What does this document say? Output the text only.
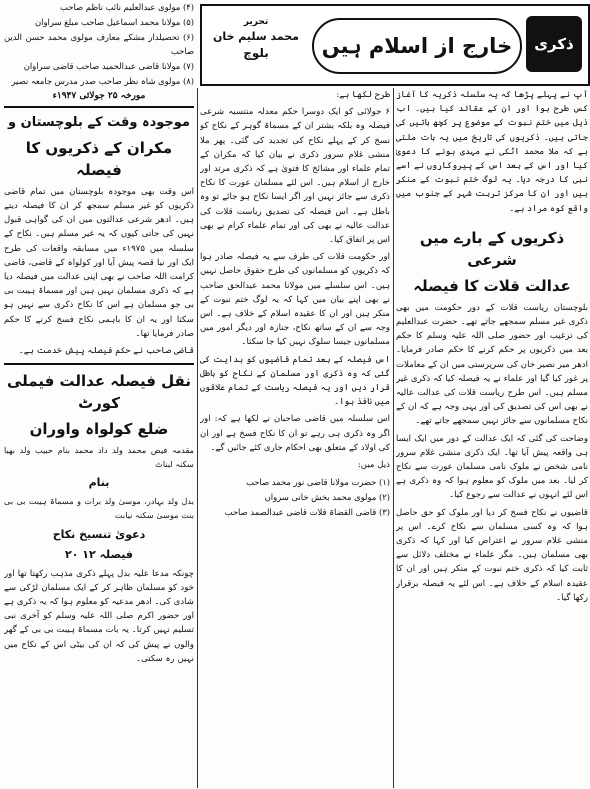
ذکری
خارج از اسلام ہیں
تحریر
محمد سلیم خان
بلوچ
(۴) مولوی عبدالعلیم نائب ناظم صاحب
(۵) مولانا محمد اسماعیل صاحب مبلغ سراوان
(۶) تحصیلدار مشکے معارف مولوی محمد حسن الدین صاحب
(۷) مولانا قاضی عبدالحمید صاحب قاضی سراوان
(۸) مولوی شاہ نظر صاحب صدر مدرس جامعہ نصیر
مورخہ ۲۵ جولائی ۱۹۴۷ء
موجودہ وقت کے بلوچستان و
مکران کے ذکریوں کا فیصلہ

اس وقت بھی موجودہ بلوچستان میں تمام قاضی ذکریوں کو غیر مسلم سمجھ کر ان کا فیصلہ دیتے ہیں۔ ادھر شرعی عدالتوں میں ان کی گواہی قبول نہیں کی جاتی کیوں کہ یہ غیر مسلم ہیں۔ نکاح کے سلسلہ میں ۱۹۷۵ء میں مسابقہ واقعات کی طرح ایک اور نیا قصہ پیش آیا اور کولواہ کے قاضی، قاضی کرامت اللہ صاحب نے بھی اپنی عدالت میں فیصلہ دیا ہے کہ ذکری مسلمان نہیں ہیں اور مسماۃ ہیبت بی بی جو مسلمان ہے اس کا نکاح ذکری سے نہیں ہو سکتا اور یہ ان کا باہمی نکاح فسخ کرنے کا حکم صادر فرمایا تھا۔

قاضی صاحب نے حکم فیصلہ پیش خدمت ہے۔

نقل فیصلہ عدالت فیملی کورٹ
ضلع کولواہ واوران

مقدمہ فیض محمد ولد داد محمد بنام حبیب ولد بھیا سکنہ لبناٹ

بنام

بدل ولد بہادر، موسیٰ ولد برات و مسماۃ ہیبت بی بی بنت موسیٰ سکنہ نیابت

دعویٰ تنسیخ نکاح
فیصلہ ۱۲ ۲۰

چونکہ مدعا علیہ بدل پہلے ذکری مذہب رکھتا تھا اور خود کو مسلمان ظاہر کر کے ایک مسلمان لڑکی سے شادی کی۔ ادھر مدعیہ کو معلوم ہوا کہ یہ ذکری ہے اور حضور اکرم صلی اللہ علیہ وسلم کو آخری نبی تسلیم نہیں کرتا۔ یہ بات مسماۃ ہیبت بی بی کے گھر والوں نے پیش کی کہ ان کی بیٹی اس کے نکاح میں نہیں رہ سکتی۔

طرح لکھا ہے:

۶ جولائی کو ایک دوسرا حکم معدلہ منتسبہ شرعی فیصلہ وہ بلکہ بشتر ان کے مسماۃ گوہر کے نکاح کو نسخ کر کے پہلے نکاح کی تجدید کی گئی۔ پھر ملا منشی غلام سرور ذکری نے بیان کیا کہ مکران کے تمام علماء اور مشائخ کا فتویٰ ہے کہ ذکری مرتد اور خارج از اسلام ہیں۔ اس لئے مسلمان عورت کا نکاح ذکری سے جائز نہیں اور اگر ایسا نکاح ہو جائے تو وہ باطل ہے۔ اس فیصلہ کی تصدیق ریاست قلات کی عدالت عالیہ نے بھی کی اور تمام علماء کرام نے بھی اس پر اتفاق کیا۔

اور حکومت قلات کی طرف سے یہ فیصلہ صادر ہوا کہ ذکریوں کو مسلمانوں کی طرح حقوق حاصل نہیں ہیں۔ اس سلسلے میں مولانا محمد عبدالحق صاحب نے بھی اپنے بیان میں کہا کہ یہ لوگ ختم نبوت کے منکر ہیں اور ان کا عقیدہ اسلام کے خلاف ہے۔ اس وجہ سے ان کے ساتھ نکاح، جنازہ اور دیگر امور میں مسلمانوں جیسا سلوک نہیں کیا جا سکتا۔

اس فیصلہ کے بعد تمام قاضیوں کو ہدایت کی گئی کہ وہ ذکری اور مسلمان کے نکاح کو باطل قرار دیں اور یہ فیصلہ ریاست کے تمام علاقوں میں نافذ ہوا۔

اس سلسلہ میں قاضی صاحبان نے لکھا ہے کہ: اور اگر وہ ذکری ہی رہے تو ان کا نکاح فسخ ہے اور ان کی اولاد کے متعلق بھی احکام جاری کئے جائیں گے۔

ذیل میں:

(۱) حضرت مولانا قاضی نور محمد صاحب
(۲) مولوی محمد بخش خانی سرواں
(۳) قاضی القضاۃ قلات قاضی عبدالصمد صاحب

آپ نے پہلے پڑھا کہ یہ سلسلہ ذکریہ کا آغاز کس طرح ہوا اور ان کے عقائد کیا ہیں۔ اب ذیل میں ختم نبوت کے موضوع پر کچھ باتیں کی جاتی ہیں۔ ذکریوں کی تاریخ میں یہ بات ملتی ہے کہ ملا محمد اٹکی نے مہدی ہونے کا دعویٰ کیا اور اس کے بعد اس کے پیروکاروں نے اسے نبی کا درجہ دیا۔ یہ لوگ ختم نبوت کے منکر ہیں اور ان کا مرکز تربت شہر کے جنوب میں واقع کوہ مراد ہے۔

ذکریوں کے بارے میں شرعی
عدالت قلات کا فیصلہ

بلوچستان ریاست قلات کے دور حکومت میں بھی ذکری غیر مسلم سمجھے جاتے تھے۔ حضرت عبدالعلیم کی ترغیب اور حضور صلی اللہ علیہ وسلم کا حکم بعد میں ذکریوں پر حکم کرنے کا حکم صادر فرمایا۔ ادھر میر نصیر خان کی سرپرستی میں ان کے معاملات پر غور کیا گیا اور علماء نے یہ فیصلہ کیا کہ ذکری غیر مسلم ہیں۔ اس طرح ریاست قلات کی عدالت عالیہ نے بھی اس کی تصدیق کی اور یہی وجہ ہے کہ ان کے نکاح مسلمانوں سے جائز نہیں سمجھے جاتے تھے۔

وضاحت کی گئی کہ ایک عدالت کے دور میں ایک ایسا ہی واقعہ پیش آیا تھا۔ ایک ذکری منشی غلام سرور نامی شخص نے ملوک نامی مسلمان عورت سے نکاح کر لیا۔ بعد میں ملوک کو معلوم ہوا کہ وہ ذکری ہے اس لئے انہوں نے عدالت سے رجوع کیا۔

قاضیوں نے نکاح فسخ کر دیا اور ملوک کو حق حاصل ہوا کہ وہ کسی مسلمان سے نکاح کرے۔ اس پر منشی غلام سرور نے اعتراض کیا اور کہا کہ ذکری بھی مسلمان ہیں۔ مگر علماء نے مختلف دلائل سے ثابت کیا کہ ذکری ختم نبوت کے منکر ہیں اور ان کا عقیدہ اسلام کے خلاف ہے۔ اس لئے یہ فیصلہ برقرار رکھا گیا۔
